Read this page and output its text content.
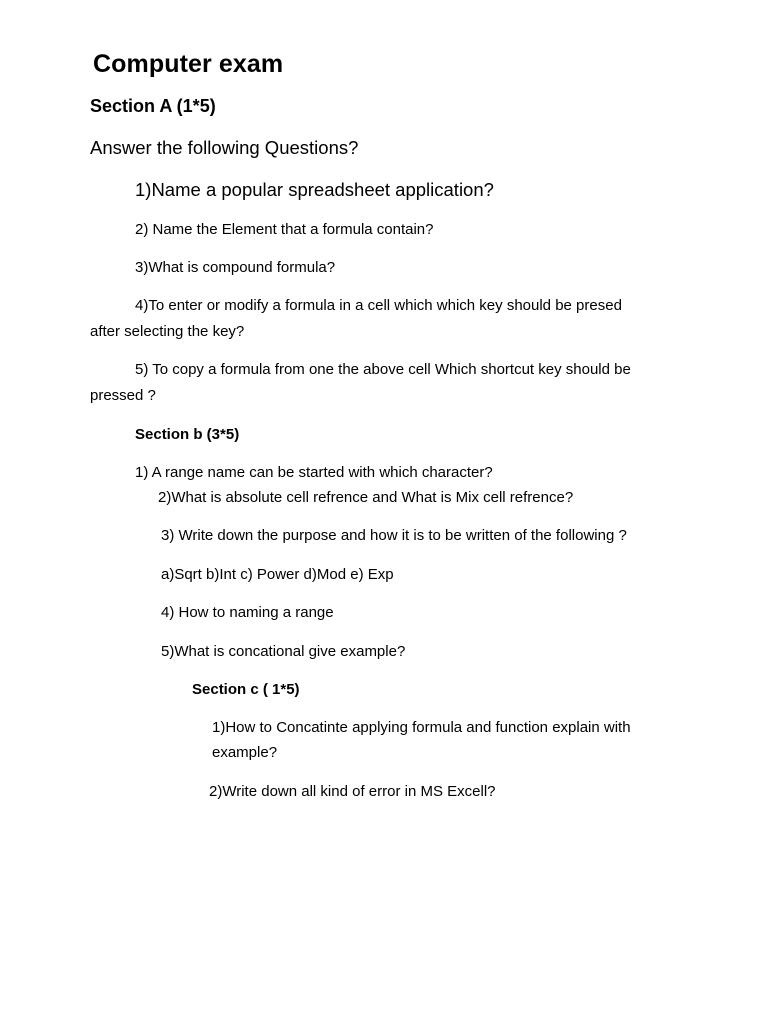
Computer exam
Section A (1*5)
Answer the following Questions?
1)Name a popular spreadsheet application?
2) Name the Element that a formula contain?
3)What is compound formula?
4)To enter or modify a formula in a cell which which key should be presed
after selecting the key?
5) To copy a formula from one the above cell Which shortcut key should be
pressed ?
Section b (3*5)
1) A range name can be started with which character?
2)What is absolute cell refrence and What is Mix cell refrence?
3) Write down the purpose and how it is to be written of the following ?
a)Sqrt b)Int c) Power d)Mod e) Exp
4) How to naming a range
5)What is concational give example?
Section c ( 1*5)
1)How to Concatinte applying formula and function explain with
example?
2)Write down all kind of error in MS Excell?
